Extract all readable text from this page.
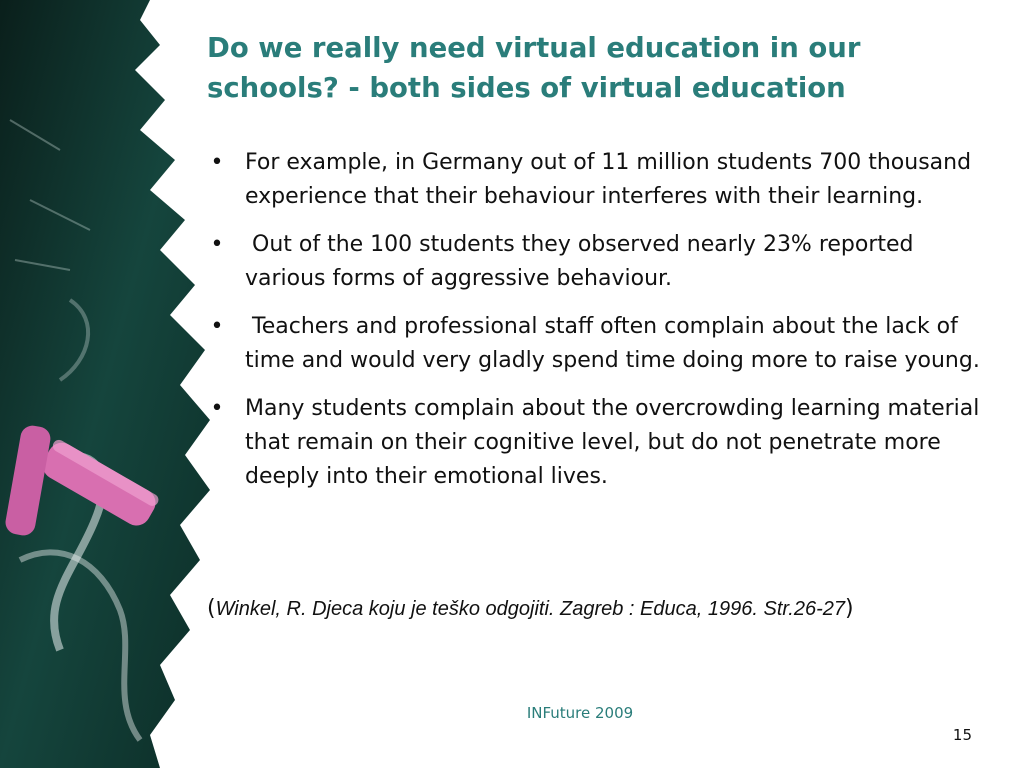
Do we really need virtual education in our schools? - both sides of virtual education
• For example, in Germany out of 11 million students 700 thousand experience that their behaviour interferes with their learning.
• Out of the 100 students they observed nearly 23% reported various forms of aggressive behaviour.
• Teachers and professional staff often complain about the lack of time and would very gladly spend time doing more to raise young.
• Many students complain about the overcrowding learning material that remain on their cognitive level, but do not penetrate more deeply into their emotional lives.
(Winkel, R. Djeca koju je teško odgojiti. Zagreb : Educa, 1996. Str.26-27)
INFuture 2009
15
